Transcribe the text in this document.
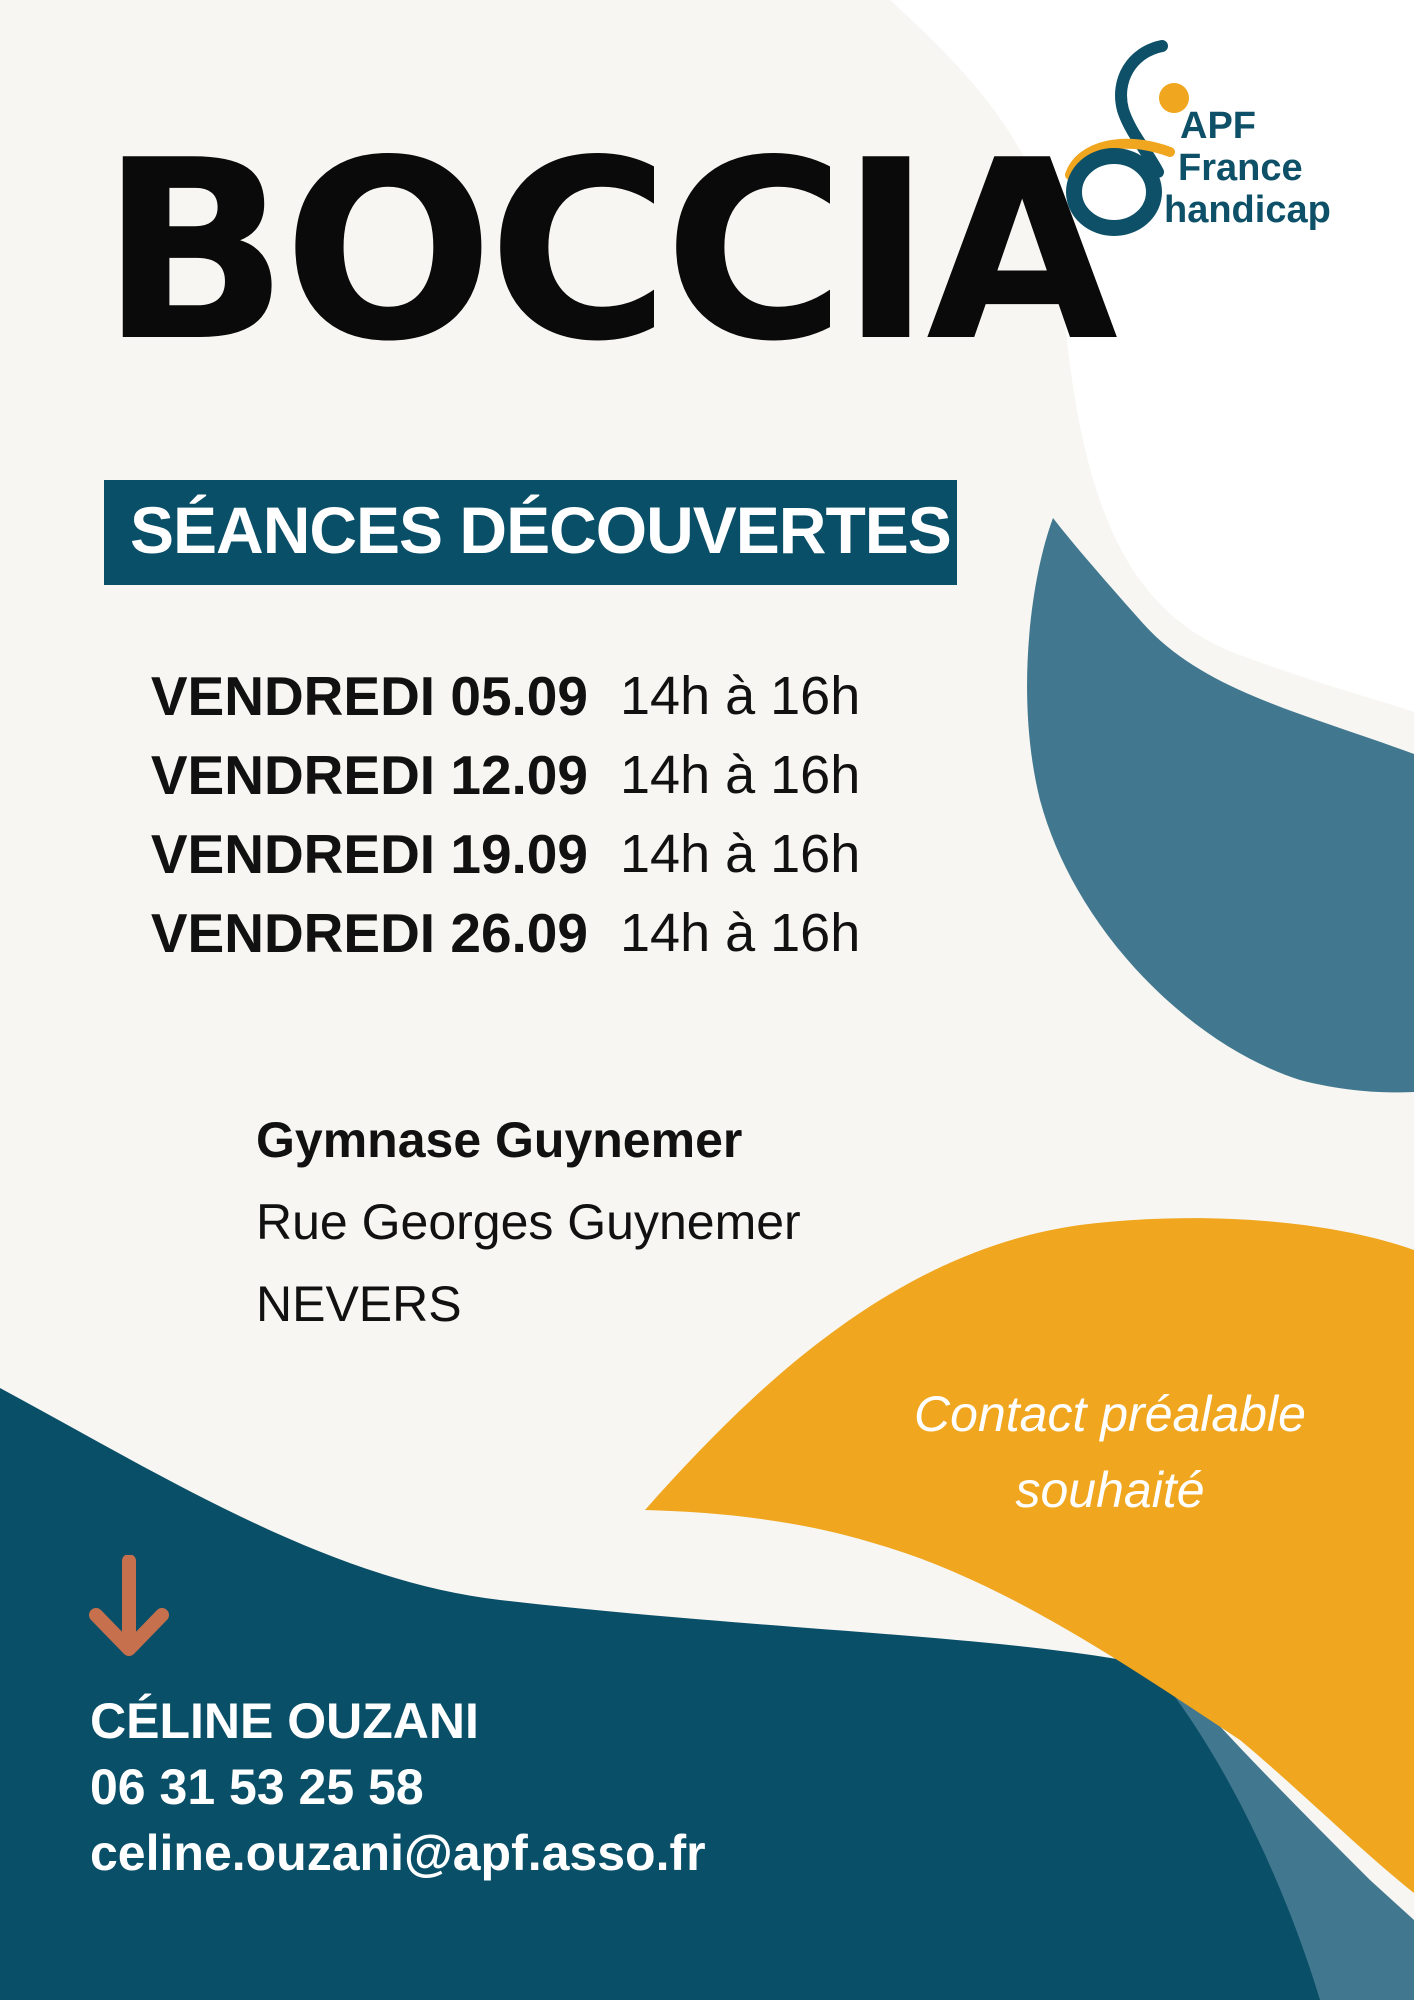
BOCCIA APF
France
handicap
SÉANCES DÉCOUVERTES
VENDREDI 05.09 14h à 16h
VENDREDI 12.09 14h à 16h
VENDREDI 19.09 14h à 16h
VENDREDI 26.09 14h à 16h
Gymnase Guynemer
Rue Georges Guynemer
NEVERS
Contact préalable souhaité
CÉLINE OUZANI
06 31 53 25 58
celine.ouzani@apf.asso.fr
